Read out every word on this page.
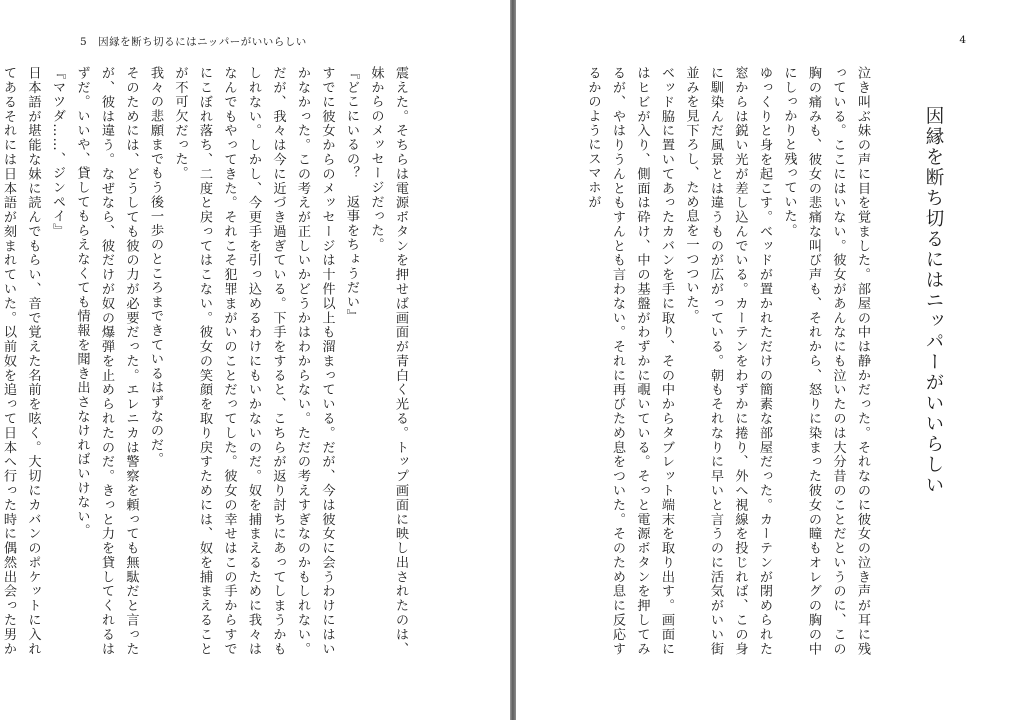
5　因縁を断ち切るにはニッパーがいいらしい

震えた。そちらは電源ボタンを押せば画面が青白く光る。トップ画面に映し出されたのは、妹からのメッセージだった。

『どこにいるの？　返事をちょうだい』

すでに彼女からのメッセージは十件以上も溜まっている。だが、今は彼女に会うわけにはいかなかった。この考えが正しいかどうかはわからない。ただの考えすぎなのかもしれない。だが、我々は今に近づき過ぎている。下手をすると、こちらが返り討ちにあってしまうかもしれない。しかし、今更手を引っ込めるわけにもいかないのだ。奴を捕まえるために我々はなんでもやってきた。それこそ犯罪まがいのことだってした。彼女の幸せはこの手からすでにこぼれ落ち、二度と戻ってはこない。彼女の笑顔を取り戻すためには、奴を捕まえることが不可欠だった。

我々の悲願までもう後一歩のところまできているはずなのだ。

そのためには、どうしても彼の力が必要だった。エレニカは警察を頼っても無駄だと言ったが、彼は違う。なぜなら、彼だけが奴の爆弾を止められたのだ。きっと力を貸してくれるはずだ。いいや、貸してもらえなくても情報を聞き出さなければいけない。

『マツダ……、ジンペイ』

日本語が堪能な妹に読んでもらい、音で覚えた名前を呟く。大切にカバンのポケットに入れてあるそれには日本語が刻まれていた。以前奴を追って日本へ行った時に偶然出会った男か

4
因縁を断ち切るにはニッパーがいいらしい

泣き叫ぶ妹の声に目を覚ました。部屋の中は静かだった。それなのに彼女の泣き声が耳に残っている。ここにはいない。彼女があんなにも泣いたのは大分昔のことだというのに、この胸の痛みも、彼女の悲痛な叫び声も、それから、怒りに染まった彼女の瞳もオレグの胸の中にしっかりと残っていた。

ゆっくりと身を起こす。ベッドが置かれただけの簡素な部屋だった。カーテンが閉められた窓からは鋭い光が差し込んでいる。カーテンをわずかに捲り、外へ視線を投じれば、この身に馴染んだ風景とは違うものが広がっている。朝もそれなりに早いと言うのに活気がいい街並みを見下ろし、ため息を一つついた。

ベッド脇に置いてあったカバンを手に取り、その中からタブレット端末を取り出す。画面にはヒビが入り、側面は砕け、中の基盤がわずかに覗いている。そっと電源ボタンを押してみるが、やはりうんともすんとも言わない。それに再びため息をついた。そのため息に反応するかのようにスマホが
